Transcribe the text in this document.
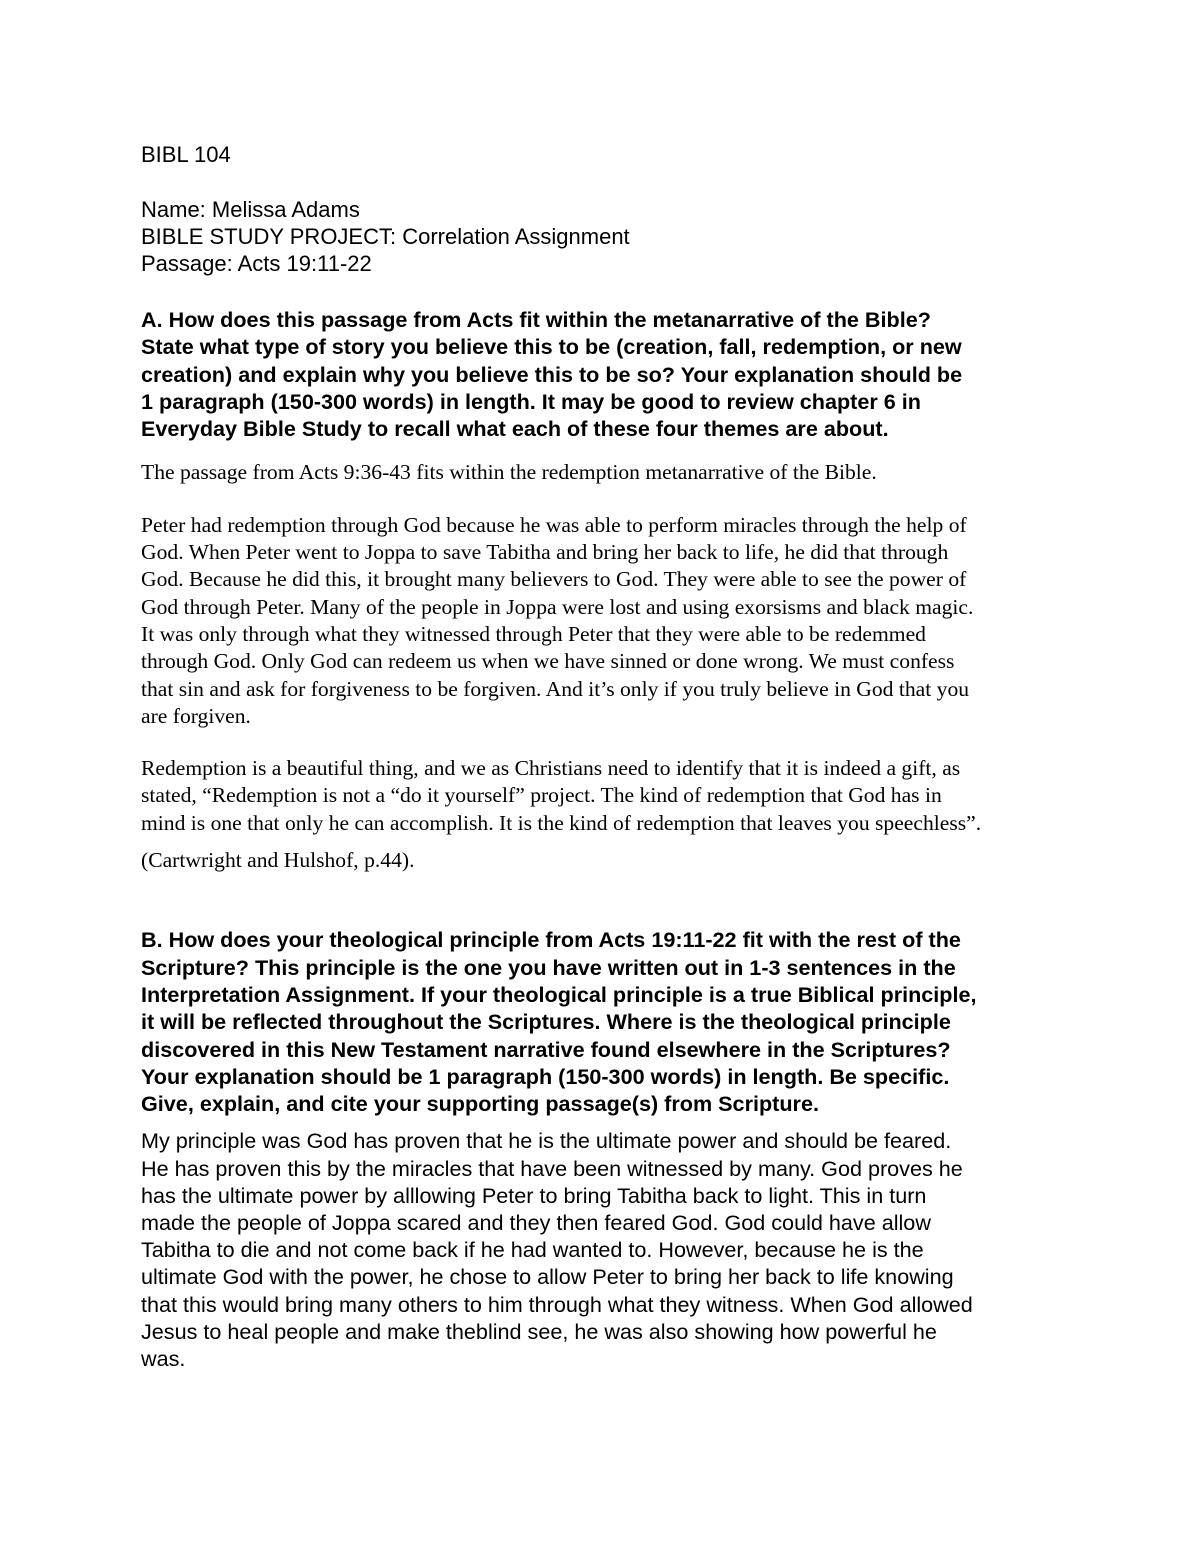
BIBL 104

Name: Melissa Adams

BIBLE STUDY PROJECT: Correlation Assignment

Passage: Acts 19:11-22

A. How does this passage from Acts fit within the metanarrative of the Bible?

State what type of story you believe this to be (creation, fall, redemption, or new

creation) and explain why you believe this to be so? Your explanation should be

1 paragraph (150-300 words) in length. It may be good to review chapter 6 in

Everyday Bible Study to recall what each of these four themes are about.

The passage from Acts 9:36-43 fits within the redemption metanarrative of the Bible.

Peter had redemption through God because he was able to perform miracles through the help of

God. When Peter went to Joppa to save Tabitha and bring her back to life, he did that through

God. Because he did this, it brought many believers to God. They were able to see the power of

God through Peter. Many of the people in Joppa were lost and using exorsisms and black magic.

It was only through what they witnessed through Peter that they were able to be redemmed

through God. Only God can redeem us when we have sinned or done wrong. We must confess

that sin and ask for forgiveness to be forgiven. And it’s only if you truly believe in God that you

are forgiven.

Redemption is a beautiful thing, and we as Christians need to identify that it is indeed a gift, as

stated, “Redemption is not a “do it yourself” project. The kind of redemption that God has in

mind is one that only he can accomplish. It is the kind of redemption that leaves you speechless”.

(Cartwright and Hulshof, p.44).

B. How does your theological principle from Acts 19:11-22 fit with the rest of the

Scripture? This principle is the one you have written out in 1-3 sentences in the

Interpretation Assignment. If your theological principle is a true Biblical principle,

it will be reflected throughout the Scriptures. Where is the theological principle

discovered in this New Testament narrative found elsewhere in the Scriptures?

Your explanation should be 1 paragraph (150-300 words) in length. Be specific.

Give, explain, and cite your supporting passage(s) from Scripture.

My principle was God has proven that he is the ultimate power and should be feared.

He has proven this by the miracles that have been witnessed by many. God proves he

has the ultimate power by alllowing Peter to bring Tabitha back to light. This in turn

made the people of Joppa scared and they then feared God. God could have allow

Tabitha to die and not come back if he had wanted to. However, because he is the

ultimate God with the power, he chose to allow Peter to bring her back to life knowing

that this would bring many others to him through what they witness. When God allowed

Jesus to heal people and make theblind see, he was also showing how powerful he

was.
